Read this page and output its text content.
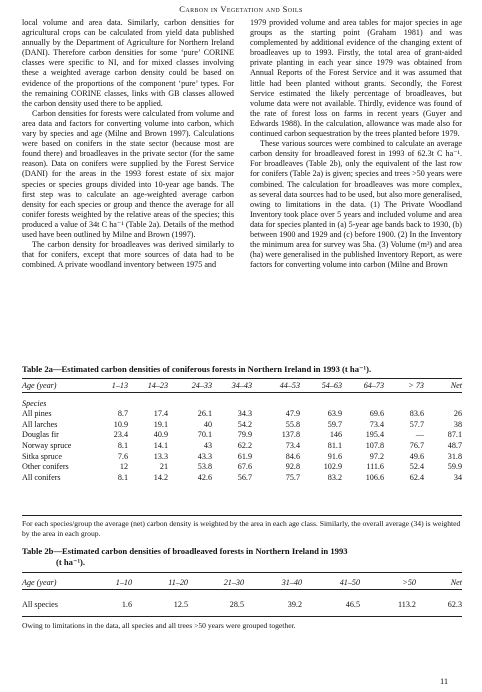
Carbon in Vegetation and Soils

local volume and area data. Similarly, carbon densities for agricultural crops can be calculated from yield data published annually by the Department of Agriculture for Northern Ireland (DANI). Therefore carbon densities for some ‘pure’ CORINE classes were specific to NI, and for mixed classes involving these a weighted average carbon density could be based on evidence of the proportions of the component ‘pure’ types. For the remaining CORINE classes, links with GB classes allowed the carbon density used there to be applied.

Carbon densities for forests were calculated from volume and area data and factors for converting volume into carbon, which vary by species and age (Milne and Brown 1997). Calculations were based on conifers in the state sector (because most are found there) and broadleaves in the private sector (for the same reason). Data on conifers were supplied by the Forest Service (DANI) for the areas in the 1993 forest estate of six major species or species groups divided into 10-year age bands. The first step was to calculate an age-weighted average carbon density for each species or group and thence the average for all conifer forests weighted by the relative areas of the species; this produced a value of 34t C ha⁻¹ (Table 2a). Details of the method used have been outlined by Milne and Brown (1997).

The carbon density for broadleaves was derived similarly to that for conifers, except that more sources of data had to be combined. A private woodland inventory between 1975 and

1979 provided volume and area tables for major species in age groups as the starting point (Graham 1981) and was complemented by additional evidence of the changing extent of broadleaves up to 1993. Firstly, the total area of grant-aided private planting in each year since 1979 was obtained from Annual Reports of the Forest Service and it was assumed that little had been planted without grants. Secondly, the Forest Service estimated the likely percentage of broadleaves, but volume data were not available. Thirdly, evidence was found of the rate of forest loss on farms in recent years (Guyer and Edwards 1988). In the calculation, allowance was made also for continued carbon sequestration by the trees planted before 1979.

These various sources were combined to calculate an average carbon density for broadleaved forest in 1993 of 62.3t C ha⁻¹. For broadleaves (Table 2b), only the equivalent of the last row for conifers (Table 2a) is given; species and trees >50 years were combined. The calculation for broadleaves was more complex, as several data sources had to be used, but also more generalised, owing to limitations in the data. (1) The Private Woodland Inventory took place over 5 years and included volume and area data for species planted in (a) 5-year age bands back to 1930, (b) between 1900 and 1929 and (c) before 1900. (2) In the Inventory the minimum area for survey was 5ha. (3) Volume (m³) and area (ha) were generalised in the published Inventory Report, as were factors for converting volume into carbon (Milne and Brown

Table 2a—Estimated carbon densities of coniferous forests in Northern Ireland in 1993 (t ha⁻¹).
Age (year)	1–13	14–23	24–33	34–43	44–53	54–63	64–73	> 73	Net

Species									
All pines	8.7	17.4	26.1	34.3	47.9	63.9	69.6	83.6	26
All larches	10.9	19.1	40	54.2	55.8	59.7	73.4	57.7	38
Douglas fir	23.4	40.9	70.1	79.9	137.8	146	195.4	—	87.1
Norway spruce	8.1	14.1	43	62.2	73.4	81.1	107.8	76.7	48.7
Sitka spruce	7.6	13.3	43.3	61.9	84.6	91.6	97.2	49.6	31.8
Other conifers	12	21	53.8	67.6	92.8	102.9	111.6	52.4	59.9
All conifers	8.1	14.2	42.6	56.7	75.7	83.2	106.6	62.4	34
For each species/group the average (net) carbon density is weighted by the area in each age class. Similarly, the overall average (34) is weighted by the area in each group.
Table 2b—Estimated carbon densities of broadleaved forests in Northern Ireland in 1993
(t ha⁻¹).
Age (year)	1–10	11–20	21–30	31–40	41–50	>50	Net

All species	1.6	12.5	28.5	39.2	46.5	113.2	62.3
Owing to limitations in the data, all species and all trees >50 years were grouped together.
11
